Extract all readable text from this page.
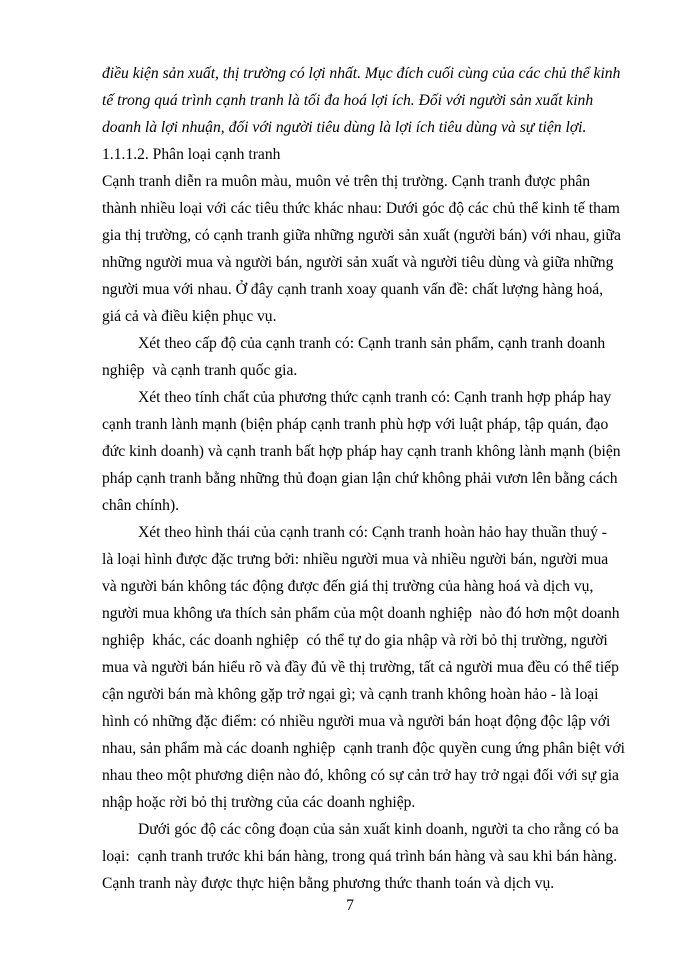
điều kiện sản xuất, thị trường có lợi nhất. Mục đích cuối cùng của các chủ thể kinh
tế trong quá trình cạnh tranh là tối đa hoá lợi ích. Đối với người sản xuất kinh
doanh là lợi nhuận, đối với người tiêu dùng là lợi ích tiêu dùng và sự tiện lợi.
1.1.1.2. Phân loại cạnh tranh
Cạnh tranh diễn ra muôn màu, muôn vẻ trên thị trường. Cạnh tranh được phân
thành nhiều loại với các tiêu thức khác nhau: Dưới góc độ các chủ thể kinh tế tham
gia thị trường, có cạnh tranh giữa những người sản xuất (người bán) với nhau, giữa
những người mua và người bán, người sản xuất và người tiêu dùng và giữa những
người mua với nhau. Ở đây cạnh tranh xoay quanh vấn đề: chất lượng hàng hoá,
giá cả và điều kiện phục vụ.
Xét theo cấp độ của cạnh tranh có: Cạnh tranh sản phẩm, cạnh tranh doanh
nghiệp  và cạnh tranh quốc gia.
Xét theo tính chất của phương thức cạnh tranh có: Cạnh tranh hợp pháp hay
cạnh tranh lành mạnh (biện pháp cạnh tranh phù hợp với luật pháp, tập quán, đạo
đức kinh doanh) và cạnh tranh bất hợp pháp hay cạnh tranh không lành mạnh (biện
pháp cạnh tranh bằng những thủ đoạn gian lận chứ không phải vươn lên bằng cách
chân chính).
Xét theo hình thái của cạnh tranh có: Cạnh tranh hoàn hảo hay thuần thuý -
là loại hình được đặc trưng bởi: nhiều người mua và nhiều người bán, người mua
và người bán không tác động được đến giá thị trường của hàng hoá và dịch vụ,
người mua không ưa thích sản phẩm của một doanh nghiệp  nào đó hơn một doanh
nghiệp  khác, các doanh nghiệp  có thể tự do gia nhập và rời bỏ thị trường, người
mua và người bán hiểu rõ và đầy đủ về thị trường, tất cả người mua đều có thể tiếp
cận người bán mà không gặp trở ngại gì; và cạnh tranh không hoàn hảo - là loại
hình có những đặc điểm: có nhiều người mua và người bán hoạt động độc lập với
nhau, sản phẩm mà các doanh nghiệp  cạnh tranh độc quyền cung ứng phân biệt với
nhau theo một phương diện nào đó, không có sự cản trở hay trở ngại đối với sự gia
nhập hoặc rời bỏ thị trường của các doanh nghiệp.
Dưới góc độ các công đoạn của sản xuất kinh doanh, người ta cho rằng có ba
loại:  cạnh tranh trước khi bán hàng, trong quá trình bán hàng và sau khi bán hàng.
Cạnh tranh này được thực hiện bằng phương thức thanh toán và dịch vụ.
7
